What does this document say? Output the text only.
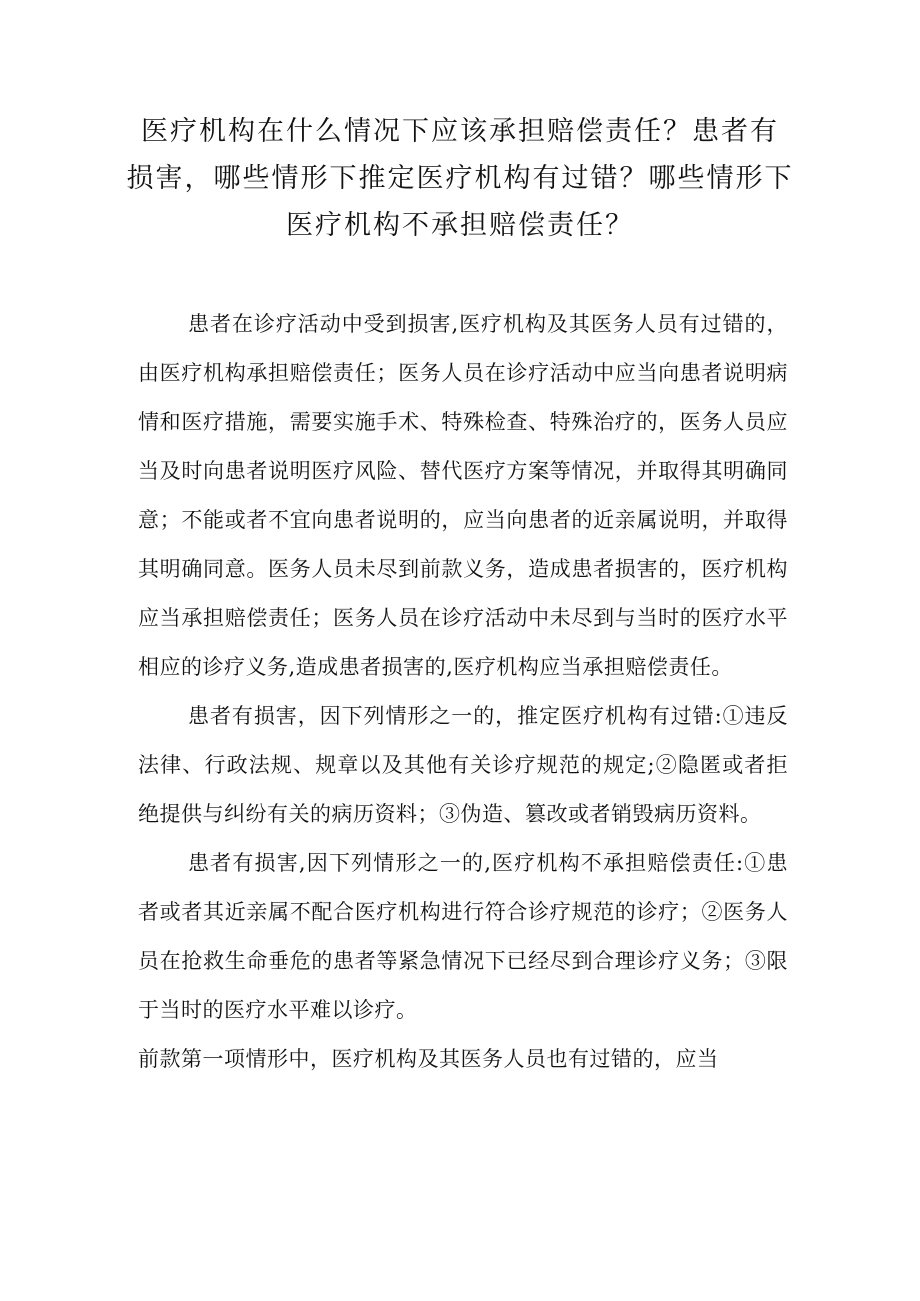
医疗机构在什么情况下应该承担赔偿责任？患者有
损害，哪些情形下推定医疗机构有过错？哪些情形下
医疗机构不承担赔偿责任？

患者在诊疗活动中受到损害,医疗机构及其医务人员有过错的，由医疗机构承担赔偿责任；医务人员在诊疗活动中应当向患者说明病情和医疗措施，需要实施手术、特殊检查、特殊治疗的，医务人员应当及时向患者说明医疗风险、替代医疗方案等情况，并取得其明确同意；不能或者不宜向患者说明的，应当向患者的近亲属说明，并取得其明确同意。医务人员未尽到前款义务，造成患者损害的，医疗机构应当承担赔偿责任；医务人员在诊疗活动中未尽到与当时的医疗水平相应的诊疗义务,造成患者损害的,医疗机构应当承担赔偿责任。

患者有损害，因下列情形之一的，推定医疗机构有过错:①违反法律、行政法规、规章以及其他有关诊疗规范的规定;②隐匿或者拒绝提供与纠纷有关的病历资料；③伪造、篡改或者销毁病历资料。

患者有损害,因下列情形之一的,医疗机构不承担赔偿责任:①患者或者其近亲属不配合医疗机构进行符合诊疗规范的诊疗；②医务人员在抢救生命垂危的患者等紧急情况下已经尽到合理诊疗义务；③限于当时的医疗水平难以诊疗。

前款第一项情形中，医疗机构及其医务人员也有过错的，应当
